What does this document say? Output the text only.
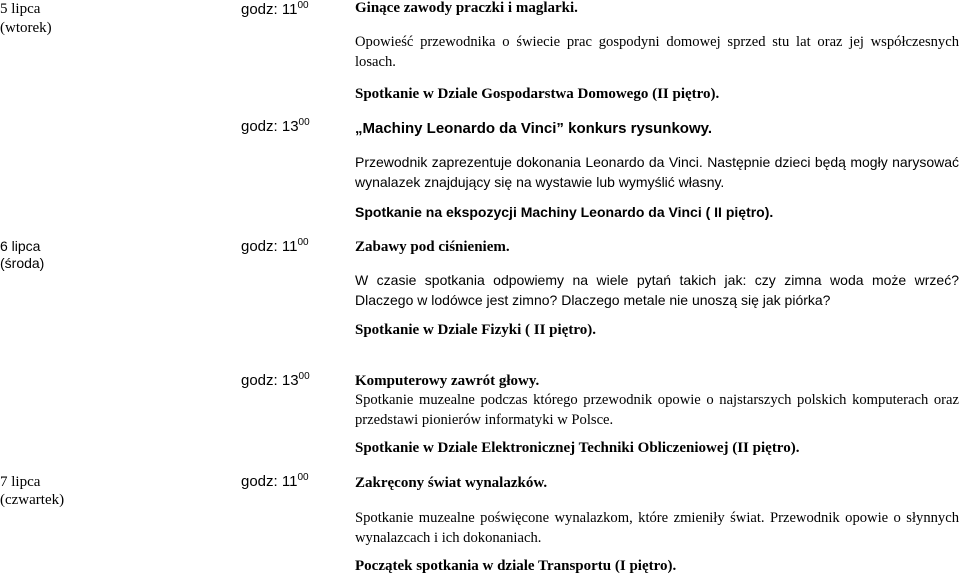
5 lipca
(wtorek)
godz: $11^{00}$	Ginące zawody praczki i maglarki.
Opowieść przewodnika o świecie prac gospodyni domowej sprzed stu lat oraz jej współczesnych losach.
Spotkanie w Dziale Gospodarstwa Domowego (II piętro).
godz: $13^{00}$	„Machiny Leonardo da Vinci” konkurs rysunkowy.
Przewodnik zaprezentuje dokonania Leonardo da Vinci. Następnie dzieci będą mogły narysować wynalazek znajdujący się na wystawie lub wymyślić własny.
Spotkanie na ekspozycji Machiny Leonardo da Vinci ( II piętro).
6 lipca
(środa)
godz: $11^{00}$	Zabawy pod ciśnieniem.
W czasie spotkania odpowiemy na wiele pytań takich jak: czy zimna woda może wrzeć? Dlaczego w lodówce jest zimno? Dlaczego metale nie unoszą się jak piórka?
Spotkanie w Dziale Fizyki ( II piętro).
godz: $13^{00}$	Komputerowy zawrót głowy.
Spotkanie muzealne podczas którego przewodnik opowie o najstarszych polskich komputerach oraz przedstawi pionierów informatyki w Polsce.
Spotkanie w Dziale Elektronicznej Techniki Obliczeniowej (II piętro).
7 lipca
(czwartek)
godz: $11^{00}$	Zakręcony świat wynalazków.
Spotkanie muzealne poświęcone wynalazkom, które zmieniły świat. Przewodnik opowie o słynnych wynalazcach i ich dokonaniach.
Początek spotkania w dziale Transportu (I piętro).
